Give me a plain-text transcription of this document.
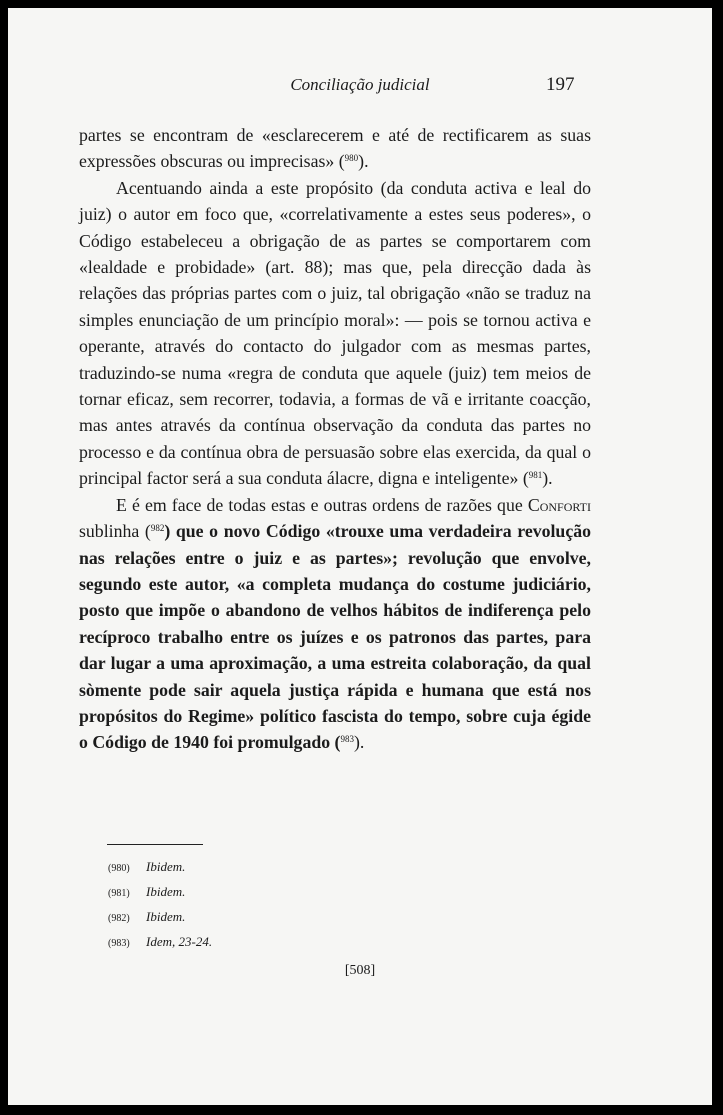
Conciliação judicial	197

partes se encontram de «esclarecerem e até de rectificarem as suas expressões obscuras ou imprecisas» ($^{980}$).

Acentuando ainda a este propósito (da conduta activa e leal do juiz) o autor em foco que, «correlativamente a estes seus poderes», o Código estabeleceu a obrigação de as partes se comportarem com «lealdade e probidade» (art. 88); mas que, pela direcção dada às relações das próprias partes com o juiz, tal obrigação «não se traduz na simples enunciação de um princípio moral»: — pois se tornou activa e operante, através do contacto do julgador com as mesmas partes, traduzindo-se numa «regra de conduta que aquele (juiz) tem meios de tornar eficaz, sem recorrer, todavia, a formas de vã e irritante coacção, mas antes através da contínua observação da conduta das partes no processo e da contínua obra de persuasão sobre elas exercida, da qual o principal factor será a sua conduta álacre, digna e inteligente» ($^{981}$).

E é em face de todas estas e outras ordens de razões que Conforti sublinha ($^{982}$) que o novo Código «trouxe uma verdadeira revolução nas relações entre o juiz e as partes»; revolução que envolve, segundo este autor, «a completa mudança do costume judiciário, posto que impõe o abandono de velhos hábitos de indiferença pelo recíproco trabalho entre os juízes e os patronos das partes, para dar lugar a uma aproximação, a uma estreita colaboração, da qual sòmente pode sair aquela justiça rápida e humana que está nos propósitos do Regime» político fascista do tempo, sobre cuja égide o Código de 1940 foi promulgado ($^{983}$).

(980) Ibidem.
(981) Ibidem.
(982) Ibidem.
(983) Idem, 23-24.
[508]
